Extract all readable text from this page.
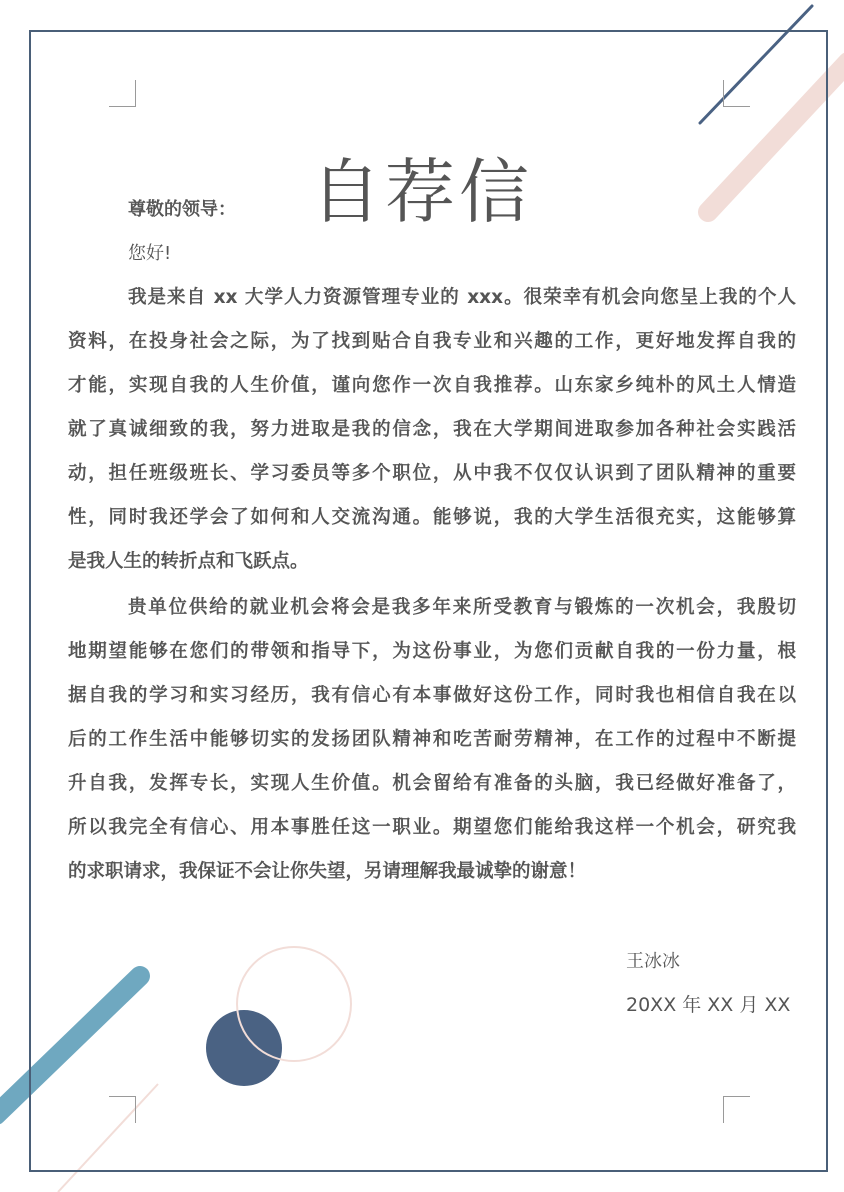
自荐信
尊敬的领导：
您好!
我是来自 xx 大学人力资源管理专业的 xxx。很荣幸有机会向您呈上我的个人
资料，在投身社会之际，为了找到贴合自我专业和兴趣的工作，更好地发挥自我的
才能，实现自我的人生价值，谨向您作一次自我推荐。山东家乡纯朴的风土人情造
就了真诚细致的我，努力进取是我的信念，我在大学期间进取参加各种社会实践活
动，担任班级班长、学习委员等多个职位，从中我不仅仅认识到了团队精神的重要
性，同时我还学会了如何和人交流沟通。能够说，我的大学生活很充实，这能够算
是我人生的转折点和飞跃点。
贵单位供给的就业机会将会是我多年来所受教育与锻炼的一次机会，我殷切
地期望能够在您们的带领和指导下，为这份事业，为您们贡献自我的一份力量，根
据自我的学习和实习经历，我有信心有本事做好这份工作，同时我也相信自我在以
后的工作生活中能够切实的发扬团队精神和吃苦耐劳精神，在工作的过程中不断提
升自我，发挥专长，实现人生价值。机会留给有准备的头脑，我已经做好准备了，
所以我完全有信心、用本事胜任这一职业。期望您们能给我这样一个机会，研究我
的求职请求，我保证不会让你失望，另请理解我最诚挚的谢意！
王冰冰
20XX 年 XX 月 XX
